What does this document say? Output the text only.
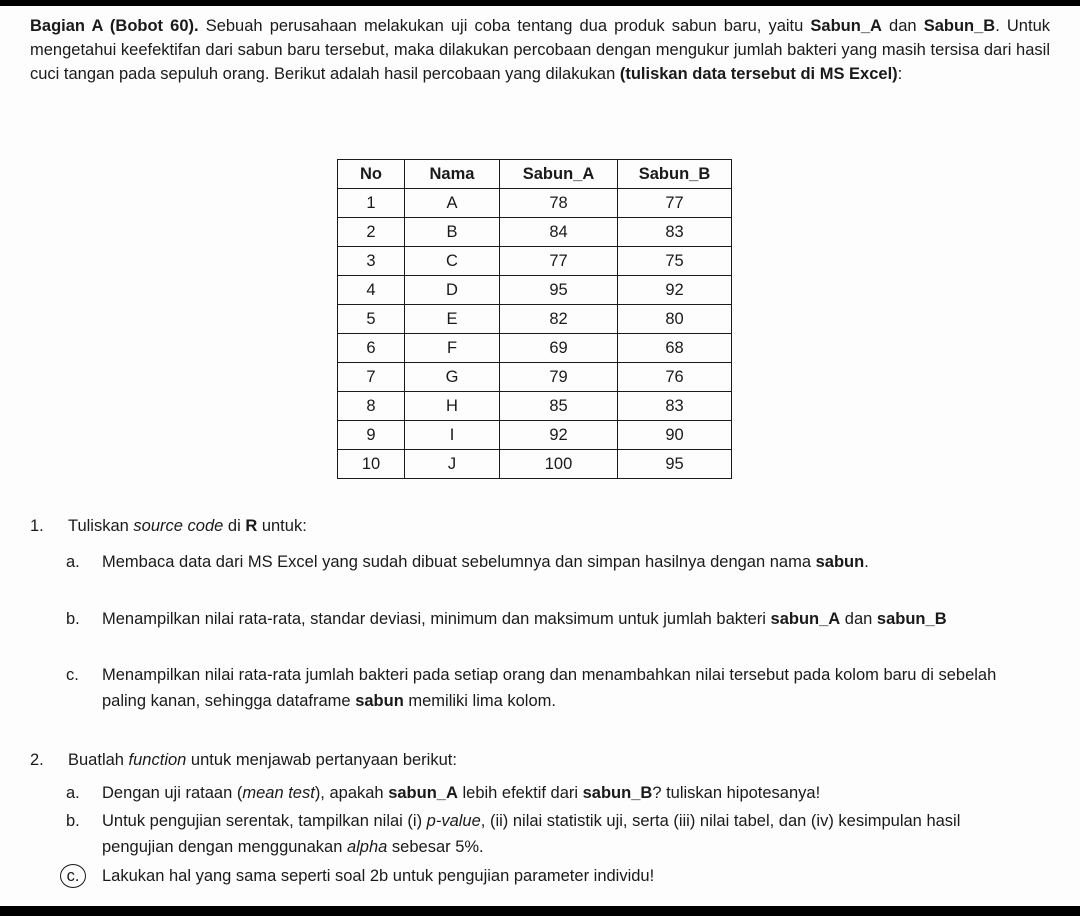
Bagian A (Bobot 60). Sebuah perusahaan melakukan uji coba tentang dua produk sabun baru, yaitu Sabun_A dan Sabun_B. Untuk mengetahui keefektifan dari sabun baru tersebut, maka dilakukan percobaan dengan mengukur jumlah bakteri yang masih tersisa dari hasil cuci tangan pada sepuluh orang. Berikut adalah hasil percobaan yang dilakukan (tuliskan data tersebut di MS Excel):
No	Nama	Sabun_A	Sabun_B
1	A	78	77
2	B	84	83
3	C	77	75
4	D	95	92
5	E	82	80
6	F	69	68
7	G	79	76
8	H	85	83
9	I	92	90
10	J	100	95
1. Tuliskan source code di R untuk:
a. Membaca data dari MS Excel yang sudah dibuat sebelumnya dan simpan hasilnya dengan nama sabun.
b. Menampilkan nilai rata-rata, standar deviasi, minimum dan maksimum untuk jumlah bakteri sabun_A dan sabun_B
c. Menampilkan nilai rata-rata jumlah bakteri pada setiap orang dan menambahkan nilai tersebut pada kolom baru di sebelah paling kanan, sehingga dataframe sabun memiliki lima kolom.
2. Buatlah function untuk menjawab pertanyaan berikut:
a. Dengan uji rataan (mean test), apakah sabun_A lebih efektif dari sabun_B? tuliskan hipotesanya!
b. Untuk pengujian serentak, tampilkan nilai (i) p-value, (ii) nilai statistik uji, serta (iii) nilai tabel, dan (iv) kesimpulan hasil pengujian dengan menggunakan alpha sebesar 5%.
c.	Lakukan hal yang sama seperti soal 2b untuk pengujian parameter individu!
